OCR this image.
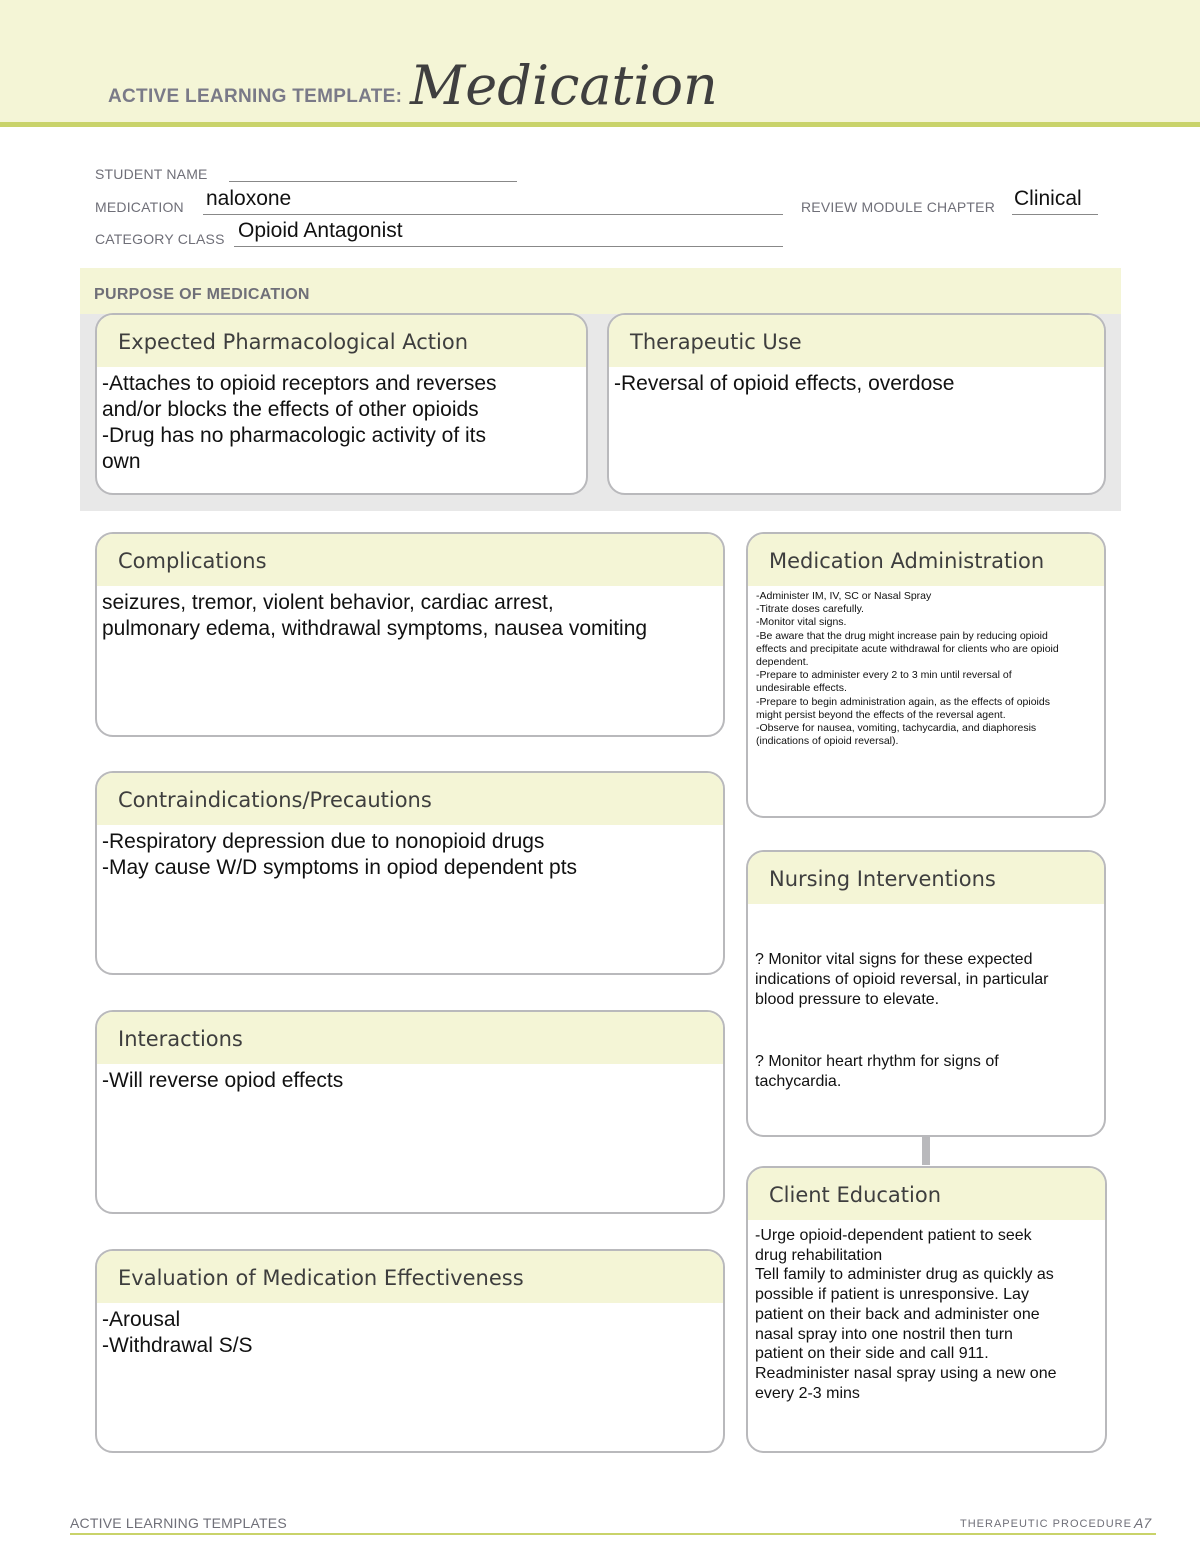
ACTIVE LEARNING TEMPLATE: Medication
STUDENT NAME
MEDICATION naloxone	REVIEW MODULE CHAPTER Clinical
CATEGORY CLASS Opioid Antagonist
PURPOSE OF MEDICATION
Expected Pharmacological Action
-Attaches to opioid receptors and reverses
and/or blocks the effects of other opioids
-Drug has no pharmacologic activity of its
own
Therapeutic Use
-Reversal of opioid effects, overdose
Complications
seizures, tremor, violent behavior, cardiac arrest,
pulmonary edema, withdrawal symptoms, nausea vomiting
Contraindications/Precautions
-Respiratory depression due to nonopioid drugs
-May cause W/D symptoms in opiod dependent pts
Interactions
-Will reverse opiod effects
Evaluation of Medication Effectiveness
-Arousal
-Withdrawal S/S
Medication Administration
-Administer IM, IV, SC or Nasal Spray
-Titrate doses carefully.
-Monitor vital signs.
-Be aware that the drug might increase pain by reducing opioid
effects and precipitate acute withdrawal for clients who are opioid
dependent.
-Prepare to administer every 2 to 3 min until reversal of
undesirable effects.
-Prepare to begin administration again, as the effects of opioids
might persist beyond the effects of the reversal agent.
-Observe for nausea, vomiting, tachycardia, and diaphoresis
(indications of opioid reversal).
Nursing Interventions

? Monitor vital signs for these expected
indications of opioid reversal, in particular
blood pressure to elevate.

? Monitor heart rhythm for signs of
tachycardia.

Client Education
-Urge opioid-dependent patient to seek
drug rehabilitation
Tell family to administer drug as quickly as
possible if patient is unresponsive. Lay
patient on their back and administer one
nasal spray into one nostril then turn
patient on their side and call 911.
Readminister nasal spray using a new one
every 2-3 mins
ACTIVE LEARNING TEMPLATES	THERAPEUTIC PROCEDURE A7
